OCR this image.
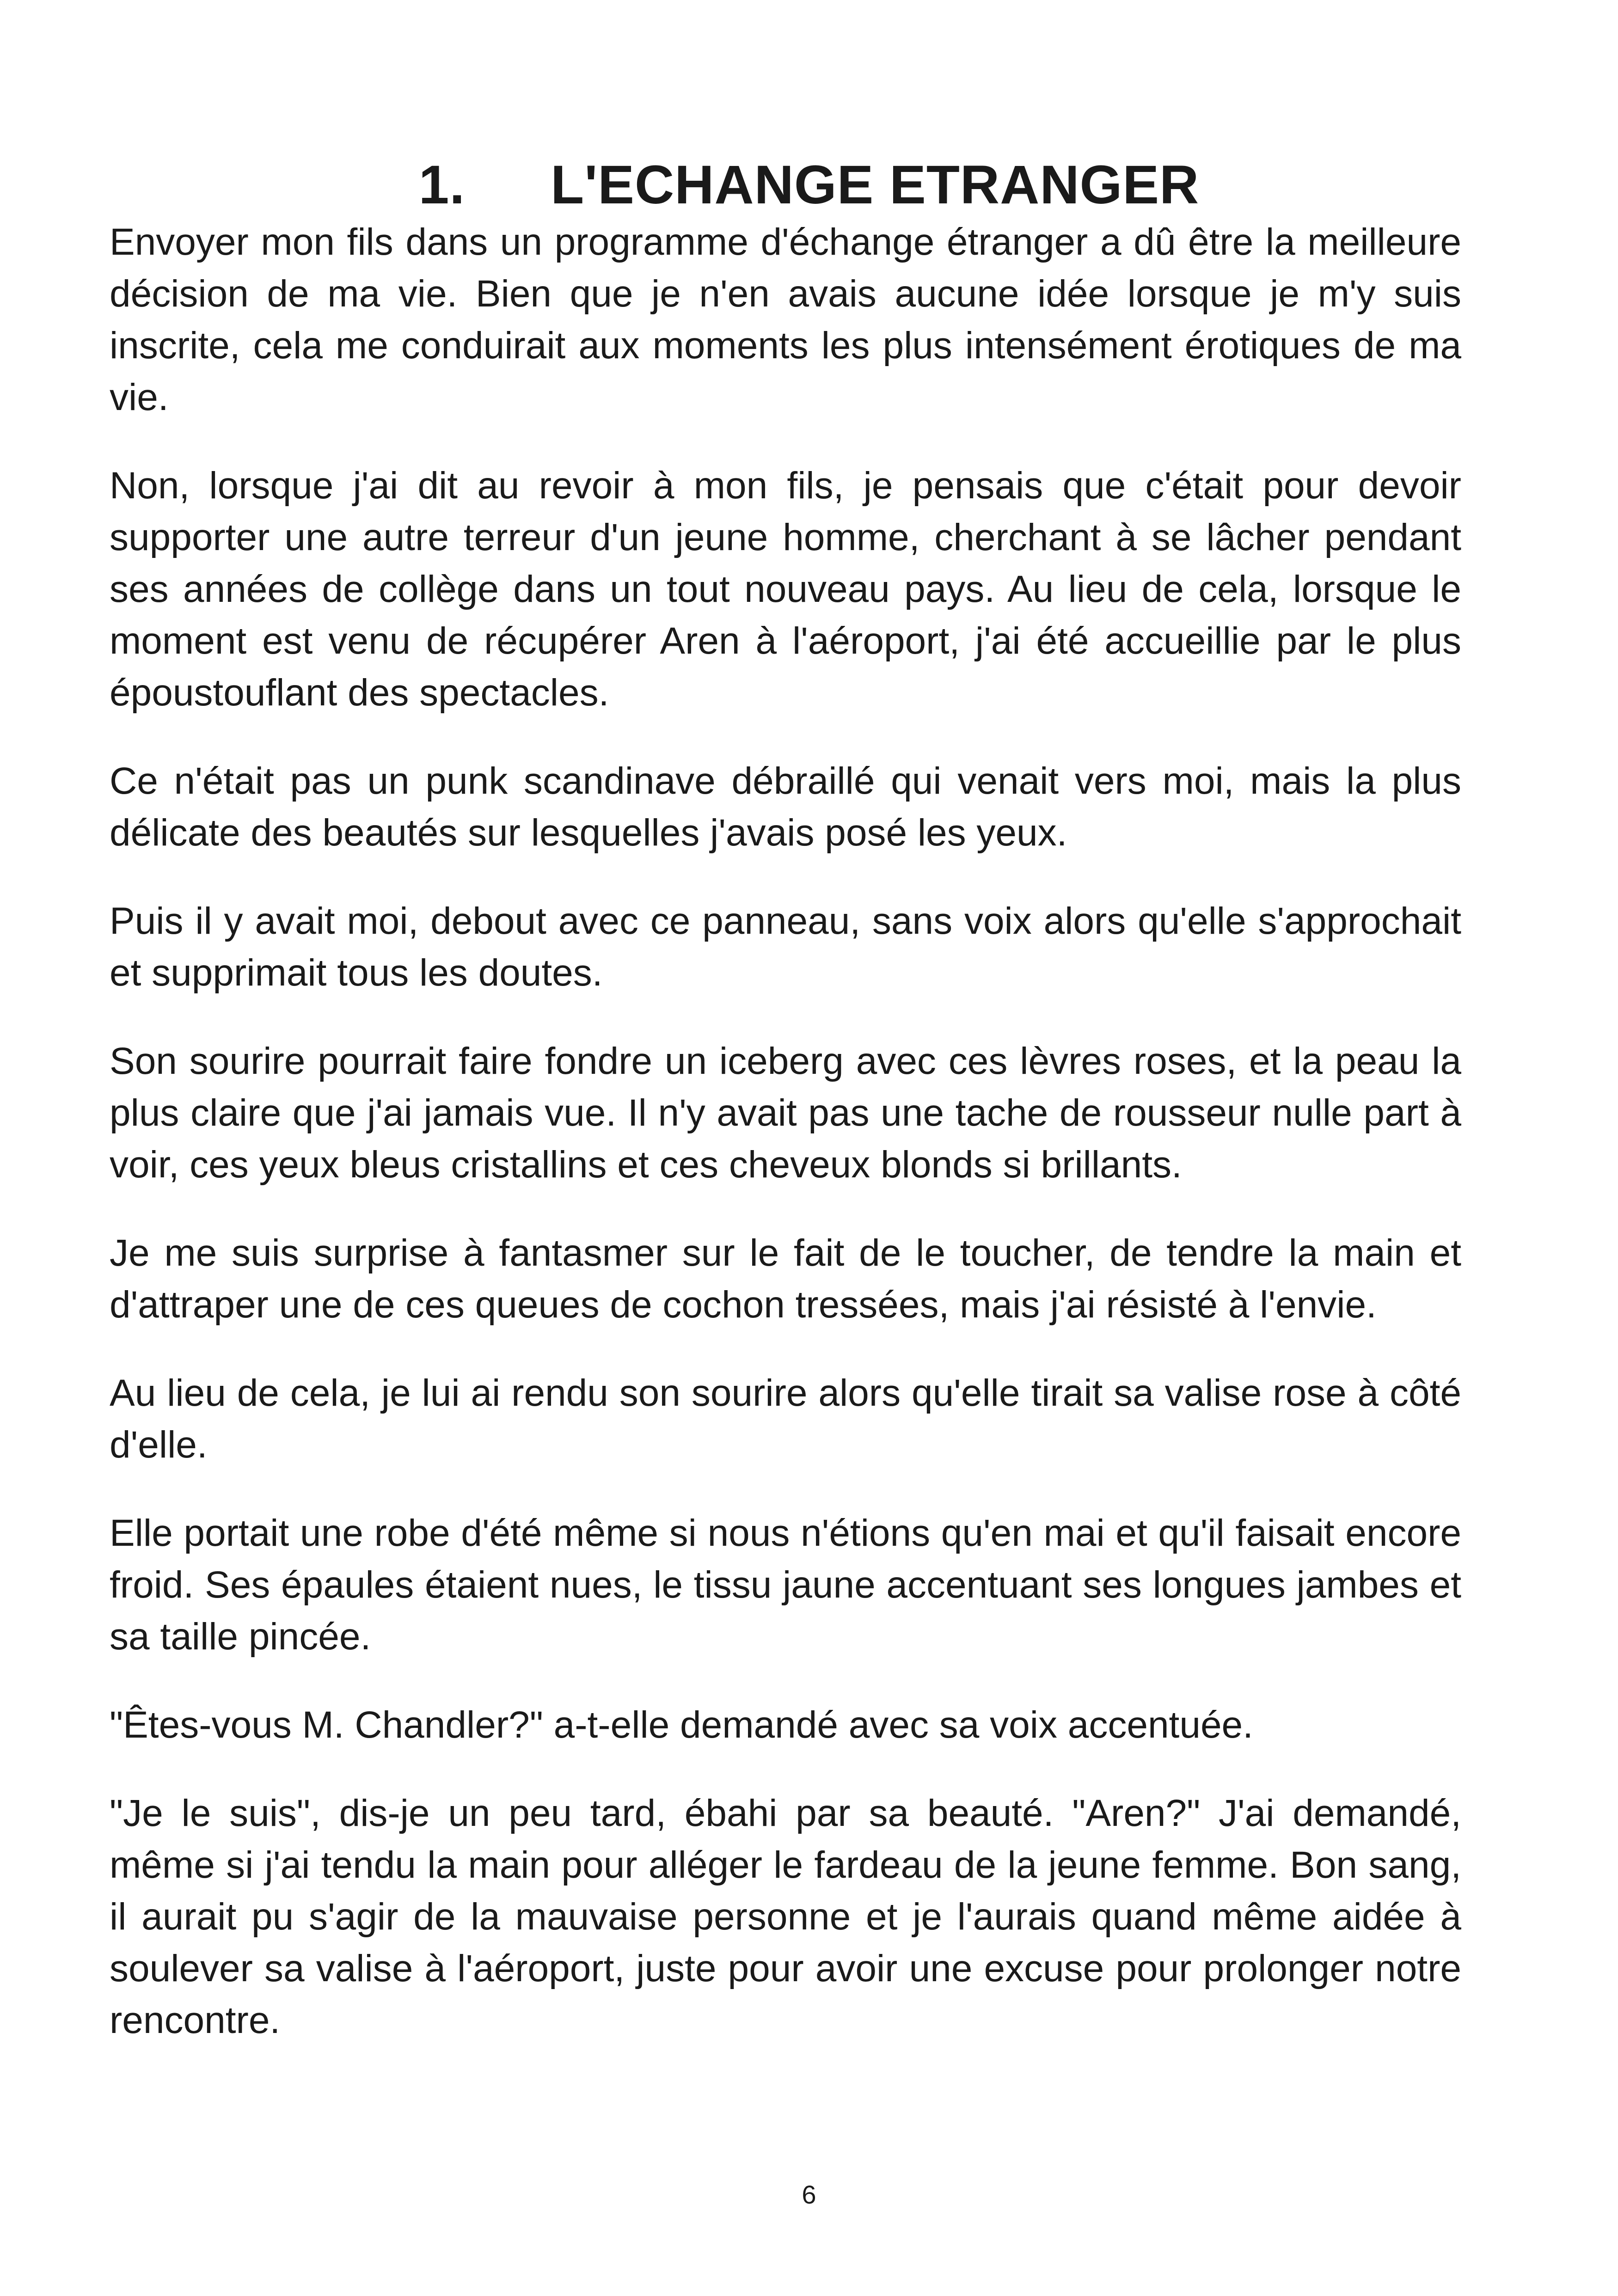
1. L'ECHANGE ETRANGER

Envoyer mon fils dans un programme d'échange étranger a dû être la meilleure décision de ma vie. Bien que je n'en avais aucune idée lorsque je m'y suis inscrite, cela me conduirait aux moments les plus intensément érotiques de ma vie.

Non, lorsque j'ai dit au revoir à mon fils, je pensais que c'était pour devoir supporter une autre terreur d'un jeune homme, cherchant à se lâcher pendant ses années de collège dans un tout nouveau pays. Au lieu de cela, lorsque le moment est venu de récupérer Aren à l'aéroport, j'ai été accueillie par le plus époustouflant des spectacles.

Ce n'était pas un punk scandinave débraillé qui venait vers moi, mais la plus délicate des beautés sur lesquelles j'avais posé les yeux.

Puis il y avait moi, debout avec ce panneau, sans voix alors qu'elle s'approchait et supprimait tous les doutes.

Son sourire pourrait faire fondre un iceberg avec ces lèvres roses, et la peau la plus claire que j'ai jamais vue. Il n'y avait pas une tache de rousseur nulle part à voir, ces yeux bleus cristallins et ces cheveux blonds si brillants.

Je me suis surprise à fantasmer sur le fait de le toucher, de tendre la main et d'attraper une de ces queues de cochon tressées, mais j'ai résisté à l'envie.

Au lieu de cela, je lui ai rendu son sourire alors qu'elle tirait sa valise rose à côté d'elle.

Elle portait une robe d'été même si nous n'étions qu'en mai et qu'il faisait encore froid. Ses épaules étaient nues, le tissu jaune accentuant ses longues jambes et sa taille pincée.

"Êtes-vous M. Chandler?" a-t-elle demandé avec sa voix accentuée.

"Je le suis", dis-je un peu tard, ébahi par sa beauté. "Aren?" J'ai demandé, même si j'ai tendu la main pour alléger le fardeau de la jeune femme. Bon sang, il aurait pu s'agir de la mauvaise personne et je l'aurais quand même aidée à soulever sa valise à l'aéroport, juste pour avoir une excuse pour prolonger notre rencontre.

6
